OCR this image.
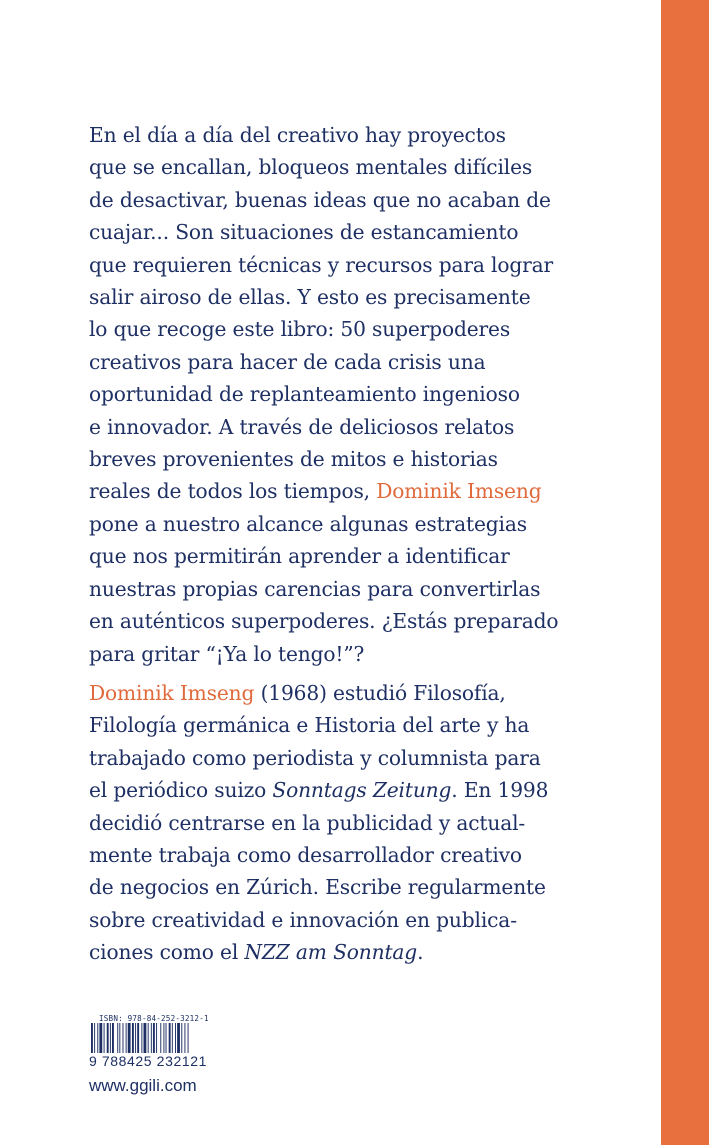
En el día a día del creativo hay proyectos
que se encallan, bloqueos mentales difíciles
de desactivar, buenas ideas que no acaban de
cuajar... Son situaciones de estancamiento
que requieren técnicas y recursos para lograr
salir airoso de ellas. Y esto es precisamente
lo que recoge este libro: 50 superpoderes
creativos para hacer de cada crisis una
oportunidad de replanteamiento ingenioso
e innovador. A través de deliciosos relatos
breves provenientes de mitos e historias
reales de todos los tiempos, Dominik Imseng
pone a nuestro alcance algunas estrategias
que nos permitirán aprender a identificar
nuestras propias carencias para convertirlas
en auténticos superpoderes. ¿Estás preparado
para gritar “¡Ya lo tengo!”?
Dominik Imseng (1968) estudió Filosofía,
Filología germánica e Historia del arte y ha
trabajado como periodista y columnista para
el periódico suizo Sonntags Zeitung. En 1998
decidió centrarse en la publicidad y actual-
mente trabaja como desarrollador creativo
de negocios en Zúrich. Escribe regularmente
sobre creatividad e innovación en publica-
ciones como el NZZ am Sonntag.
ISBN: 978-84-252-3212-1
9 788425 232121
www.ggili.com
